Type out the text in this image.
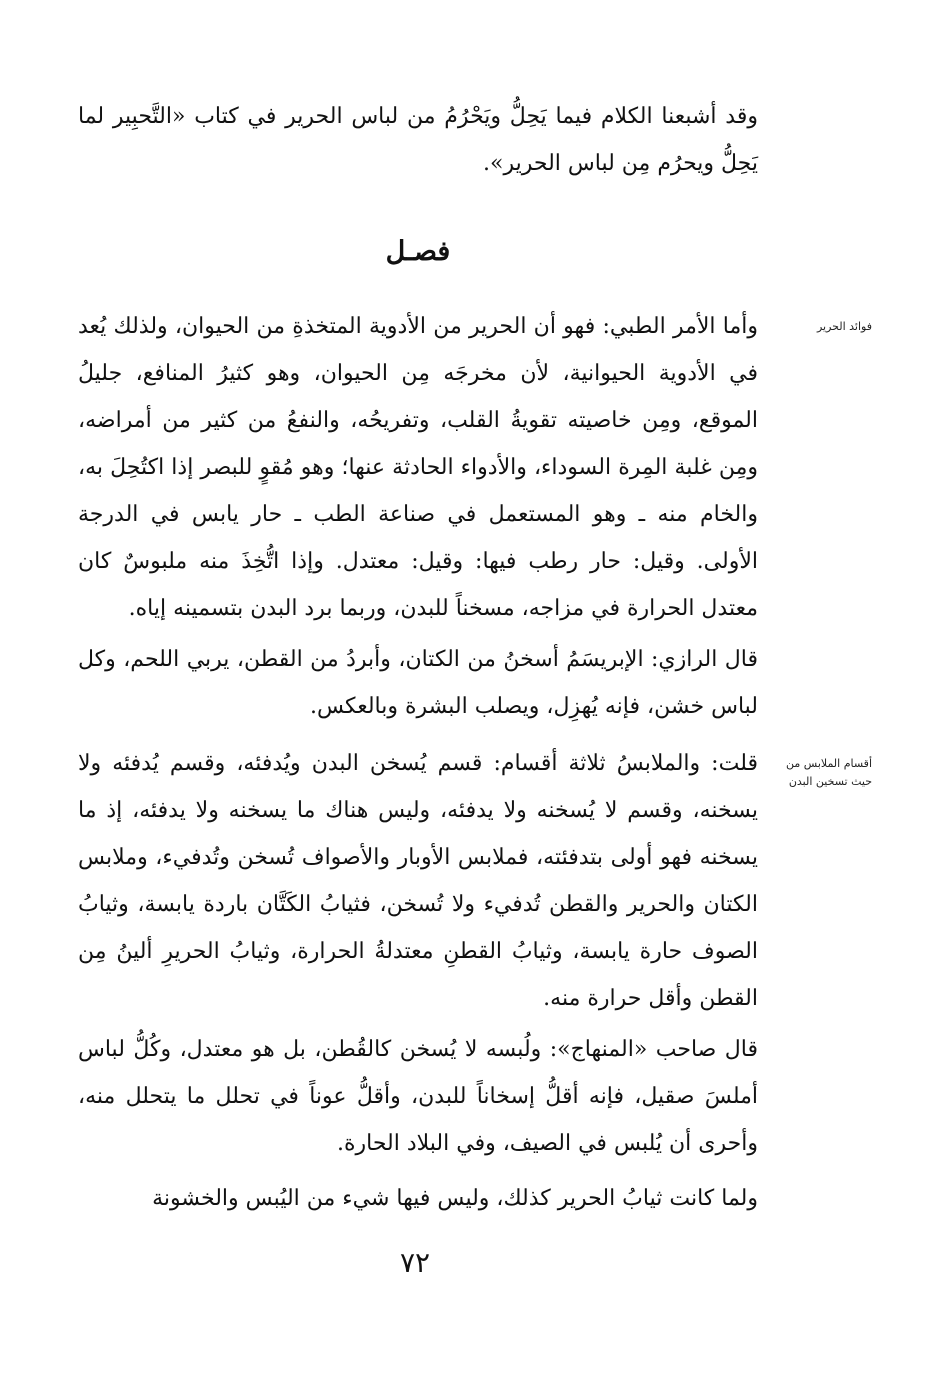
وقد أشبعنا الكلام فيما يَحِلُّ ويَحْرُمُ من لباس الحرير في كتاب «التَّحبِير لما يَحِلُّ ويحرُم مِن لباس الحرير».

فصـل

فوائد الحرير

وأما الأمر الطبي: فهو أن الحرير من الأدوية المتخذةِ من الحيوان، ولذلك يُعد في الأدوية الحيوانية، لأن مخرجَه مِن الحيوان، وهو كثيرُ المنافع، جليلُ الموقع، ومِن خاصيته تقويةُ القلب، وتفريحُه، والنفعُ من كثير من أمراضه، ومِن غلبة المِرة السوداء، والأدواء الحادثة عنها؛ وهو مُقوٍ للبصر إذا اكتُحِلَ به، والخام منه ـ وهو المستعمل في صناعة الطب ـ حار يابس في الدرجة الأولى. وقيل: حار رطب فيها: وقيل: معتدل. وإذا اتُّخِذَ منه ملبوسٌ كان معتدل الحرارة في مزاجه، مسخناً للبدن، وربما برد البدن بتسمينه إياه.

قال الرازي: الإبريسَمُ أسخنُ من الكتان، وأبردُ من القطن، يربي اللحم، وكل لباس خشن، فإنه يُهزِل، ويصلب البشرة وبالعكس.

أقسام الملابس من حيث تسخين البدن

قلت: والملابسُ ثلاثة أقسام: قسم يُسخن البدن ويُدفئه، وقسم يُدفئه ولا يسخنه، وقسم لا يُسخنه ولا يدفئه، وليس هناك ما يسخنه ولا يدفئه، إذ ما يسخنه فهو أولى بتدفئته، فملابس الأوبار والأصواف تُسخن وتُدفيء، وملابس الكتان والحرير والقطن تُدفيء ولا تُسخن، فثيابُ الكَتَّان باردة يابسة، وثيابُ الصوف حارة يابسة، وثيابُ القطنِ معتدلةُ الحرارة، وثيابُ الحريرِ ألينُ مِن القطن وأقل حرارة منه.

قال صاحب «المنهاج»: ولُبسه لا يُسخن كالقُطن، بل هو معتدل، وكُلُّ لباس أملسَ صقيل، فإنه أقلُّ إسخاناً للبدن، وأقلُّ عوناً في تحلل ما يتحلل منه، وأحرى أن يُلبس في الصيف، وفي البلاد الحارة.

ولما كانت ثيابُ الحرير كذلك، وليس فيها شيء من اليُبس والخشونة

٧٢
